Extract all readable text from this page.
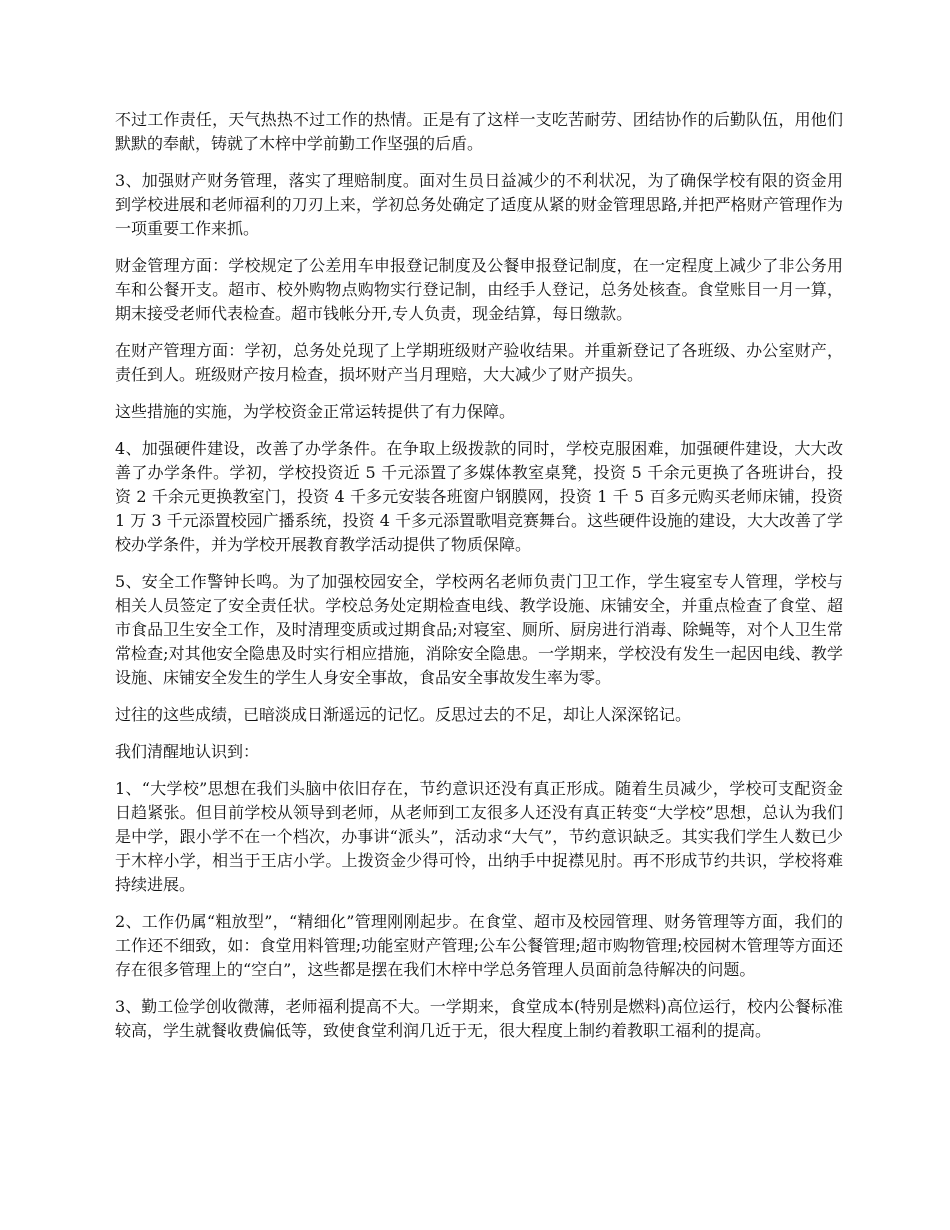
不过工作责任，天气热热不过工作的热情。正是有了这样一支吃苦耐劳、团结协作的后勤队伍，用他们默默的奉献，铸就了木梓中学前勤工作坚强的后盾。

3、加强财产财务管理，落实了理赔制度。面对生员日益减少的不利状况，为了确保学校有限的资金用到学校进展和老师福利的刀刃上来，学初总务处确定了适度从紧的财金管理思路,并把严格财产管理作为一项重要工作来抓。

财金管理方面：学校规定了公差用车申报登记制度及公餐申报登记制度，在一定程度上减少了非公务用车和公餐开支。超市、校外购物点购物实行登记制，由经手人登记，总务处核查。食堂账目一月一算，期末接受老师代表检查。超市钱帐分开,专人负责，现金结算，每日缴款。

在财产管理方面：学初，总务处兑现了上学期班级财产验收结果。并重新登记了各班级、办公室财产，责任到人。班级财产按月检查，损坏财产当月理赔，大大减少了财产损失。

这些措施的实施，为学校资金正常运转提供了有力保障。

4、加强硬件建设，改善了办学条件。在争取上级拨款的同时，学校克服困难，加强硬件建设，大大改善了办学条件。学初，学校投资近 5 千元添置了多媒体教室桌凳，投资 5 千余元更换了各班讲台，投资 2 千余元更换教室门，投资 4 千多元安装各班窗户钢膜网，投资 1 千 5 百多元购买老师床铺，投资 1 万 3 千元添置校园广播系统，投资 4 千多元添置歌唱竞赛舞台。这些硬件设施的建设，大大改善了学校办学条件，并为学校开展教育教学活动提供了物质保障。

5、安全工作警钟长鸣。为了加强校园安全，学校两名老师负责门卫工作，学生寝室专人管理，学校与相关人员签定了安全责任状。学校总务处定期检查电线、教学设施、床铺安全，并重点检查了食堂、超市食品卫生安全工作，及时清理变质或过期食品;对寝室、厕所、厨房进行消毒、除蝇等，对个人卫生常常检查;对其他安全隐患及时实行相应措施，消除安全隐患。一学期来，学校没有发生一起因电线、教学设施、床铺安全发生的学生人身安全事故，食品安全事故发生率为零。

过往的这些成绩，已暗淡成日渐遥远的记忆。反思过去的不足，却让人深深铭记。

我们清醒地认识到：

1、“大学校”思想在我们头脑中依旧存在，节约意识还没有真正形成。随着生员减少，学校可支配资金日趋紧张。但目前学校从领导到老师，从老师到工友很多人还没有真正转变“大学校”思想，总认为我们是中学，跟小学不在一个档次，办事讲“派头”，活动求“大气”，节约意识缺乏。其实我们学生人数已少于木梓小学，相当于王店小学。上拨资金少得可怜，出纳手中捉襟见肘。再不形成节约共识，学校将难持续进展。

2、工作仍属“粗放型”，“精细化”管理刚刚起步。在食堂、超市及校园管理、财务管理等方面，我们的工作还不细致，如：食堂用料管理;功能室财产管理;公车公餐管理;超市购物管理;校园树木管理等方面还存在很多管理上的“空白”，这些都是摆在我们木梓中学总务管理人员面前急待解决的问题。

3、勤工俭学创收微薄，老师福利提高不大。一学期来，食堂成本(特别是燃料)高位运行，校内公餐标准较高，学生就餐收费偏低等，致使食堂利润几近于无，很大程度上制约着教职工福利的提高。
